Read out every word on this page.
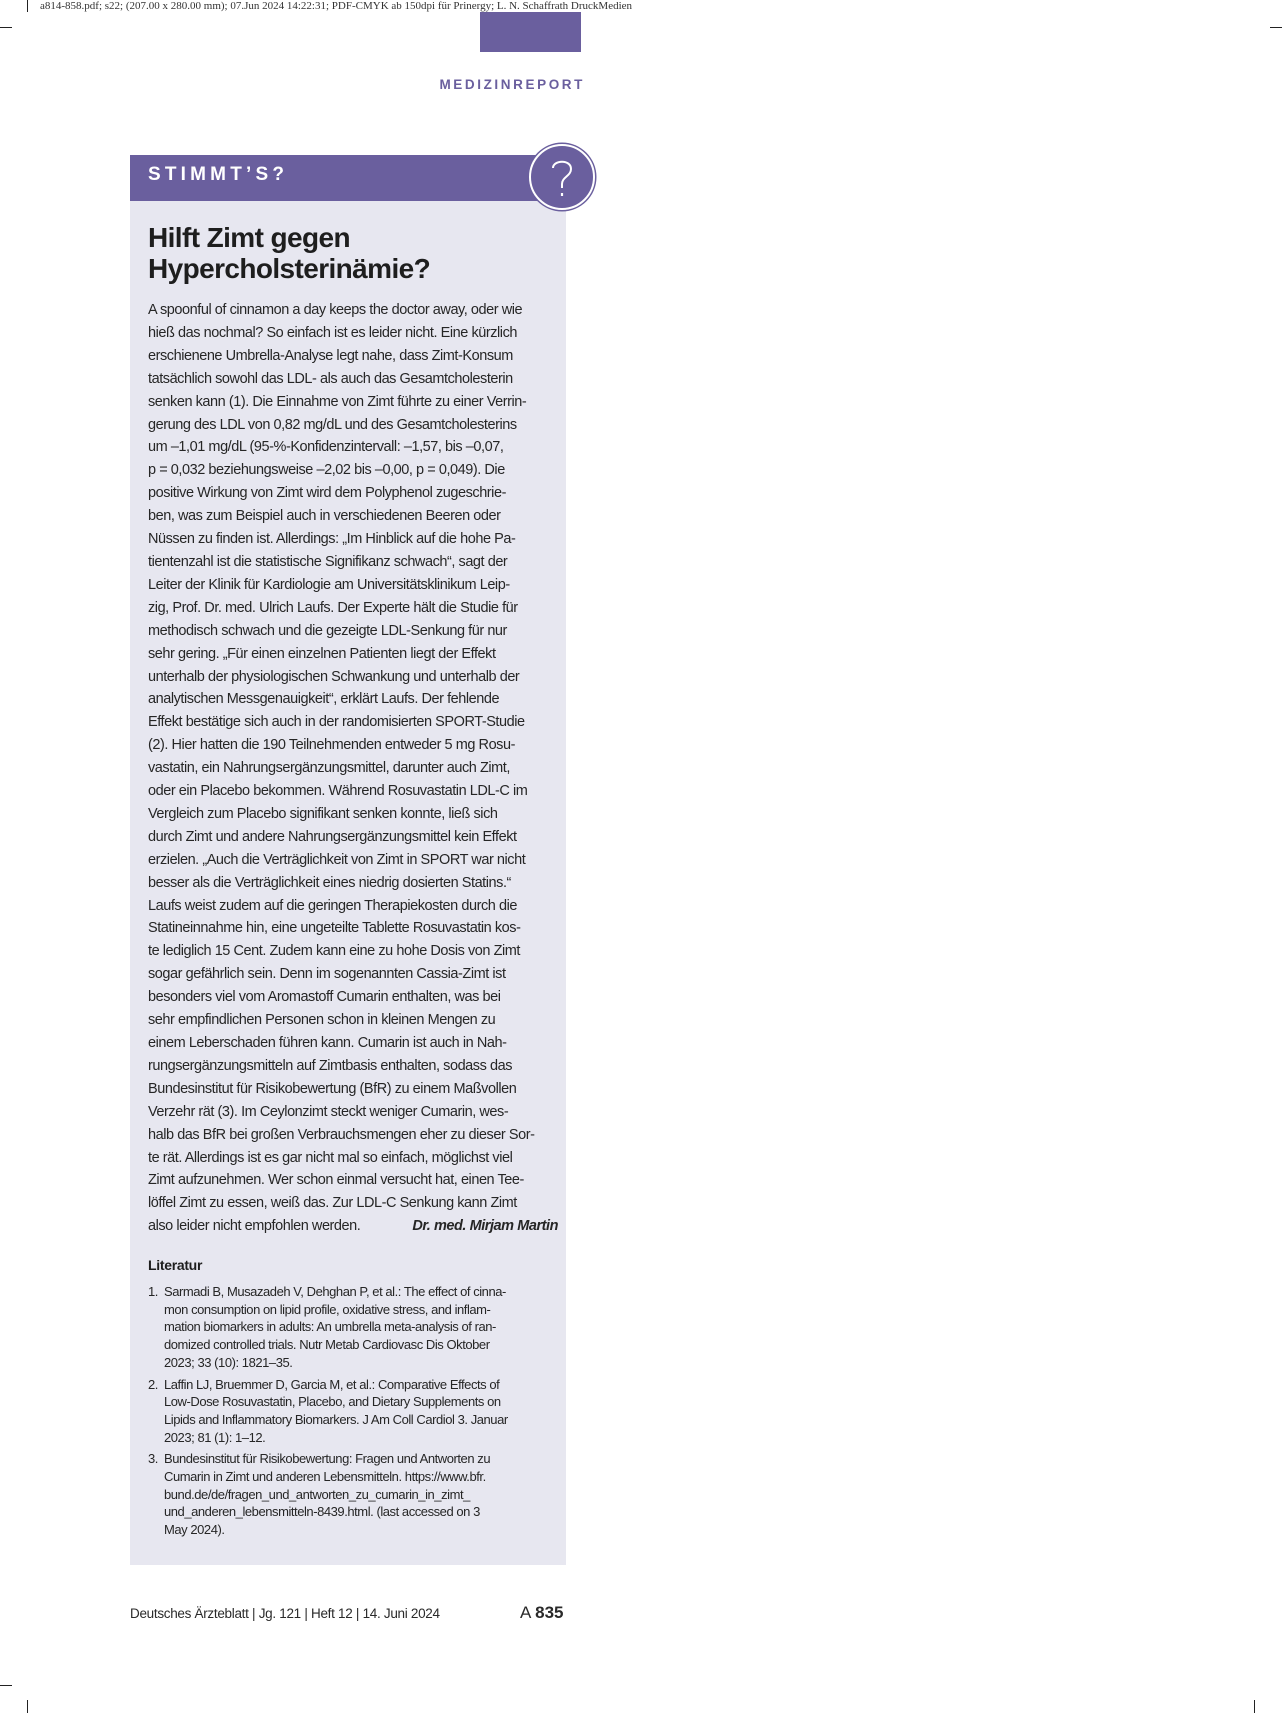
a814-858.pdf; s22; (207.00 x 280.00 mm); 07.Jun 2024 14:22:31; PDF-CMYK ab 150dpi für Prinergy; L. N. Schaffrath DruckMedien
MEDIZINREPORT
STIMMT’S?
Hilft Zimt gegen
Hypercholsterinämie?
A spoonful of cinnamon a day keeps the doctor away, oder wie
hieß das nochmal? So einfach ist es leider nicht. Eine kürzlich
erschienene Umbrella-Analyse legt nahe, dass Zimt-Konsum
tatsächlich sowohl das LDL- als auch das Gesamtcholesterin
senken kann (1). Die Einnahme von Zimt führte zu einer Verrin-
gerung des LDL von 0,82 mg/dL und des Gesamtcholesterins
um –1,01 mg/dL (95-%-Konfidenzintervall: –1,57, bis –0,07,
p = 0,032 beziehungsweise –2,02 bis –0,00, p = 0,049). Die
positive Wirkung von Zimt wird dem Polyphenol zugeschrie-
ben, was zum Beispiel auch in verschiedenen Beeren oder
Nüssen zu finden ist. Allerdings: „Im Hinblick auf die hohe Pa-
tientenzahl ist die statistische Signifikanz schwach“, sagt der
Leiter der Klinik für Kardiologie am Universitätsklinikum Leip-
zig, Prof. Dr. med. Ulrich Laufs. Der Experte hält die Studie für
methodisch schwach und die gezeigte LDL-Senkung für nur
sehr gering. „Für einen einzelnen Patienten liegt der Effekt
unterhalb der physiologischen Schwankung und unterhalb der
analytischen Messgenauigkeit“, erklärt Laufs. Der fehlende
Effekt bestätige sich auch in der randomisierten SPORT-Studie
(2). Hier hatten die 190 Teilnehmenden entweder 5 mg Rosu-
vastatin, ein Nahrungsergänzungsmittel, darunter auch Zimt,
oder ein Placebo bekommen. Während Rosuvastatin LDL-C im
Vergleich zum Placebo signifikant senken konnte, ließ sich
durch Zimt und andere Nahrungsergänzungsmittel kein Effekt
erzielen. „Auch die Verträglichkeit von Zimt in SPORT war nicht
besser als die Verträglichkeit eines niedrig dosierten Statins.“
Laufs weist zudem auf die geringen Therapiekosten durch die
Statineinnahme hin, eine ungeteilte Tablette Rosuvastatin kos-
te lediglich 15 Cent. Zudem kann eine zu hohe Dosis von Zimt
sogar gefährlich sein. Denn im sogenannten Cassia-Zimt ist
besonders viel vom Aromastoff Cumarin enthalten, was bei
sehr empfindlichen Personen schon in kleinen Mengen zu
einem Leberschaden führen kann. Cumarin ist auch in Nah-
rungsergänzungsmitteln auf Zimtbasis enthalten, sodass das
Bundesinstitut für Risikobewertung (BfR) zu einem Maßvollen
Verzehr rät (3). Im Ceylonzimt steckt weniger Cumarin, wes-
halb das BfR bei großen Verbrauchsmengen eher zu dieser Sor-
te rät. Allerdings ist es gar nicht mal so einfach, möglichst viel
Zimt aufzunehmen. Wer schon einmal versucht hat, einen Tee-
löffel Zimt zu essen, weiß das. Zur LDL-C Senkung kann Zimt
also leider nicht empfohlen werden.	Dr. med. Mirjam Martin
Literatur
1. Sarmadi B, Musazadeh V, Dehghan P, et al.: The effect of cinna-
mon consumption on lipid profile, oxidative stress, and inflam-
mation biomarkers in adults: An umbrella meta-analysis of ran-
domized controlled trials. Nutr Metab Cardiovasc Dis Oktober
2023; 33 (10): 1821–35.
2. Laffin LJ, Bruemmer D, Garcia M, et al.: Comparative Effects of
Low-Dose Rosuvastatin, Placebo, and Dietary Supplements on
Lipids and Inflammatory Biomarkers. J Am Coll Cardiol 3. Januar
2023; 81 (1): 1–12.
3. Bundesinstitut für Risikobewertung: Fragen und Antworten zu
Cumarin in Zimt und anderen Lebensmitteln. https://www.bfr.
bund.de/de/fragen_und_antworten_zu_cumarin_in_zimt_
und_anderen_lebensmitteln-8439.html. (last accessed on 3
May 2024).
Deutsches Ärzteblatt | Jg. 121 | Heft 12 | 14. Juni 2024	A 835
